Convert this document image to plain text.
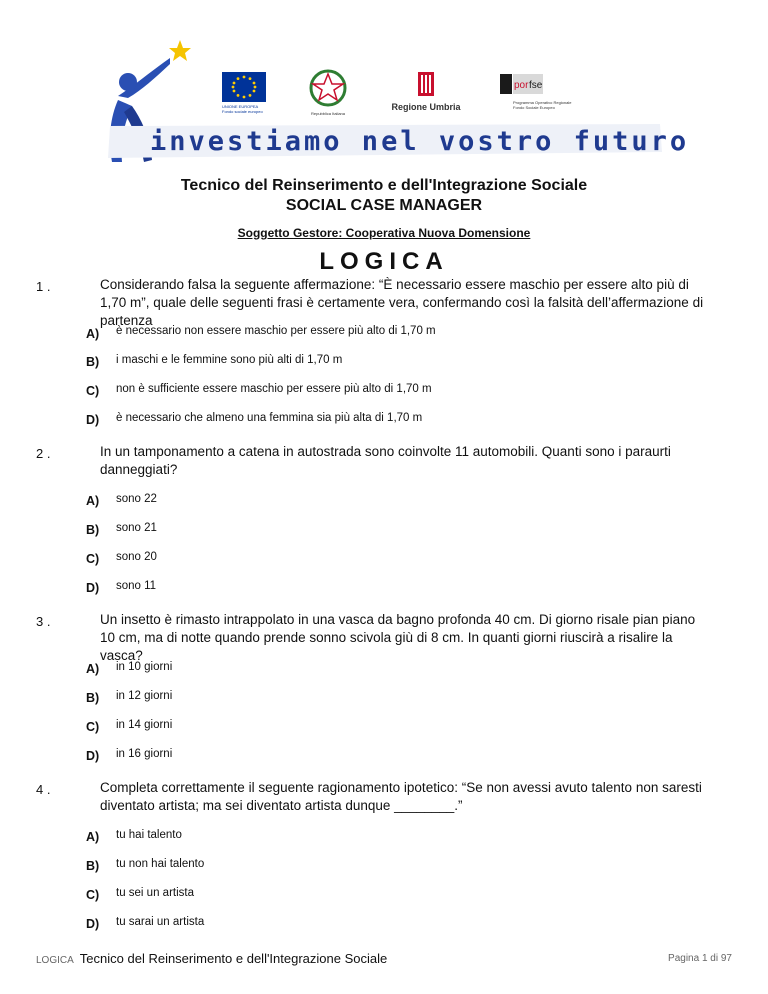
UNIONE EUROPEA
Fondo sociale europeo	Repubblica Italiana
Regione Umbria
por fse
Programma Operativo Regionale
Fondo Sociale Europeo
investiamo nel vostro futuro
Tecnico del Reinserimento e dell'Integrazione Sociale
SOCIAL CASE MANAGER
Soggetto Gestore: Cooperativa Nuova Domensione
LOGICA
1 .	Considerando falsa la seguente affermazione: “È necessario essere maschio per essere alto più di 1,70 m”, quale delle seguenti frasi è certamente vera, confermando così la falsità dell’affermazione di partenza
A) è necessario non essere maschio per essere più alto di 1,70 m
B) i maschi e le femmine sono più alti di 1,70 m
C) non è sufficiente essere maschio per essere più alto di 1,70 m
D) è necessario che almeno una femmina sia più alta di 1,70 m
2 .	In un tamponamento a catena in autostrada sono coinvolte 11 automobili. Quanti sono i paraurti danneggiati?
A) sono 22
B) sono 21
C) sono 20
D) sono 11
3 .	Un insetto è rimasto intrappolato in una vasca da bagno profonda 40 cm. Di giorno risale pian piano 10 cm, ma di notte quando prende sonno scivola giù di 8 cm. In quanti giorni riuscirà a risalire la vasca?
A) in 10 giorni
B) in 12 giorni
C) in 14 giorni
D) in 16 giorni
4 .	Completa correttamente il seguente ragionamento ipotetico: “Se non avessi avuto talento non saresti diventato artista; ma sei diventato artista dunque ________.”
A) tu hai talento
B) tu non hai talento
C) tu sei un artista
D) tu sarai un artista
LOGICA Tecnico del Reinserimento e dell'Integrazione Sociale	Pagina 1 di 97
